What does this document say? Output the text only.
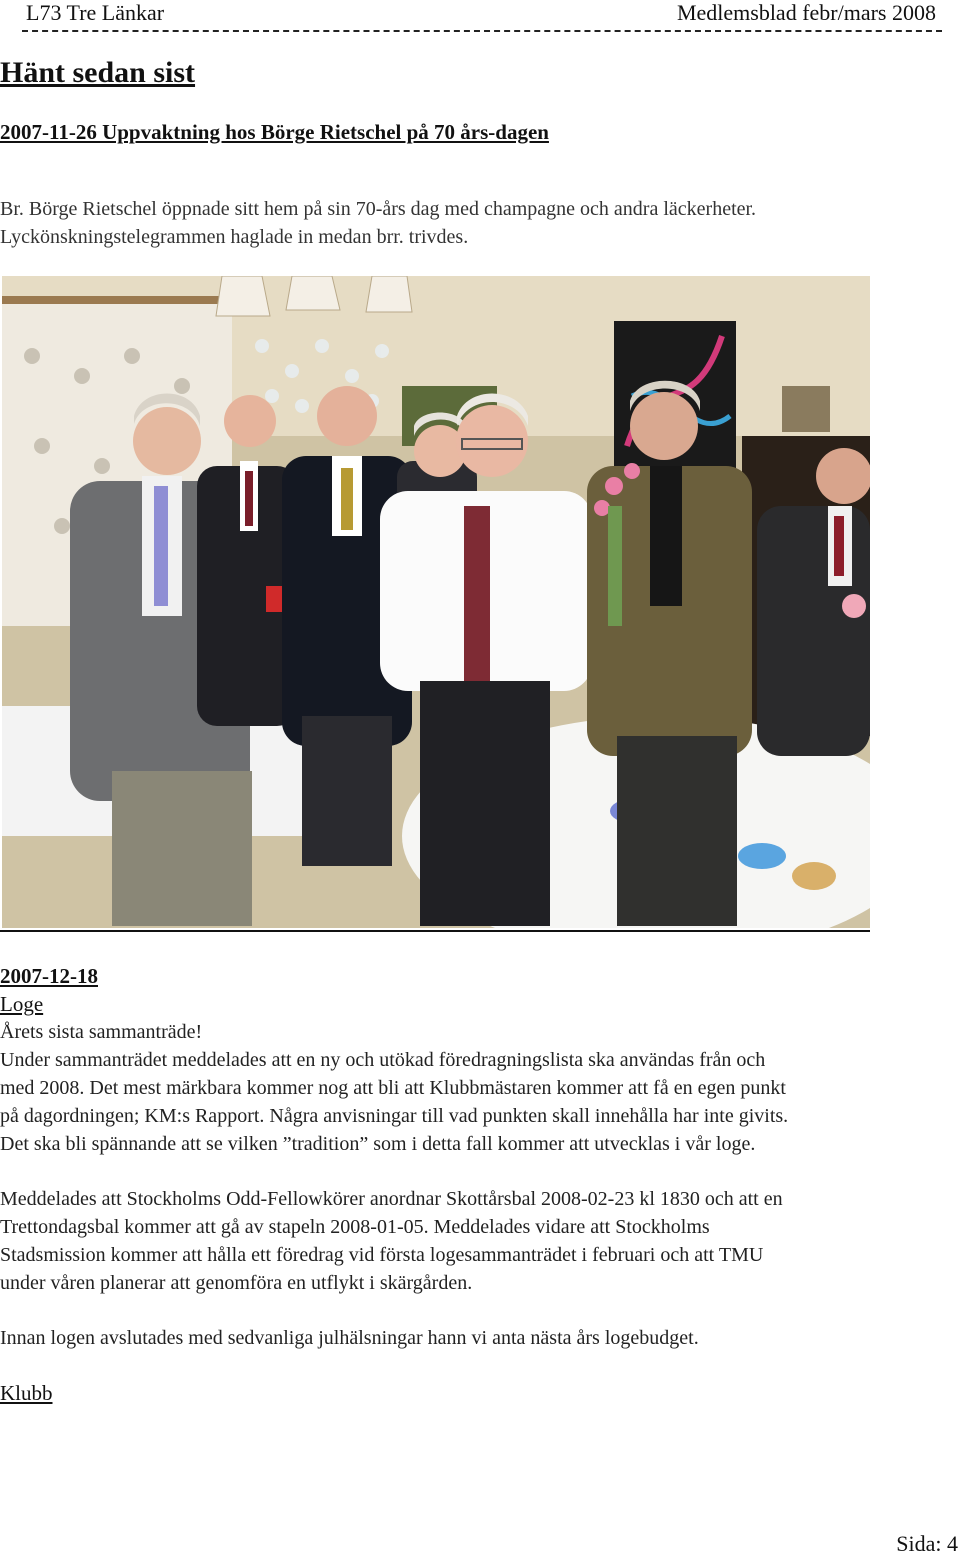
L73 Tre Länkar	Medlemsblad febr/mars 2008
Hänt sedan sist
2007-11-26 Uppvaktning hos Börge Rietschel på 70 års-dagen
Br. Börge Rietschel öppnade sitt hem på sin 70-års dag med champagne och andra läckerheter.
Lyckönskningstelegrammen haglade in medan brr. trivdes.
2007-12-18
Loge
Årets sista sammanträde!
Under sammanträdet meddelades att en ny och utökad föredragningslista ska användas från och
med 2008. Det mest märkbara kommer nog att bli att Klubbmästaren kommer att få en egen punkt
på dagordningen; KM:s Rapport. Några anvisningar till vad punkten skall innehålla har inte givits.
Det ska bli spännande att se vilken ”tradition” som i detta fall kommer att utvecklas i vår loge.
Meddelades att Stockholms Odd-Fellowkörer anordnar Skottårsbal 2008-02-23 kl 1830 och att en
Trettondagsbal kommer att gå av stapeln 2008-01-05. Meddelades vidare att Stockholms
Stadsmission kommer att hålla ett föredrag vid första logesammanträdet i februari och att TMU
under våren planerar att genomföra en utflykt i skärgården.
Innan logen avslutades med sedvanliga julhälsningar hann vi anta nästa års logebudget.
Klubb
Sida: 4
